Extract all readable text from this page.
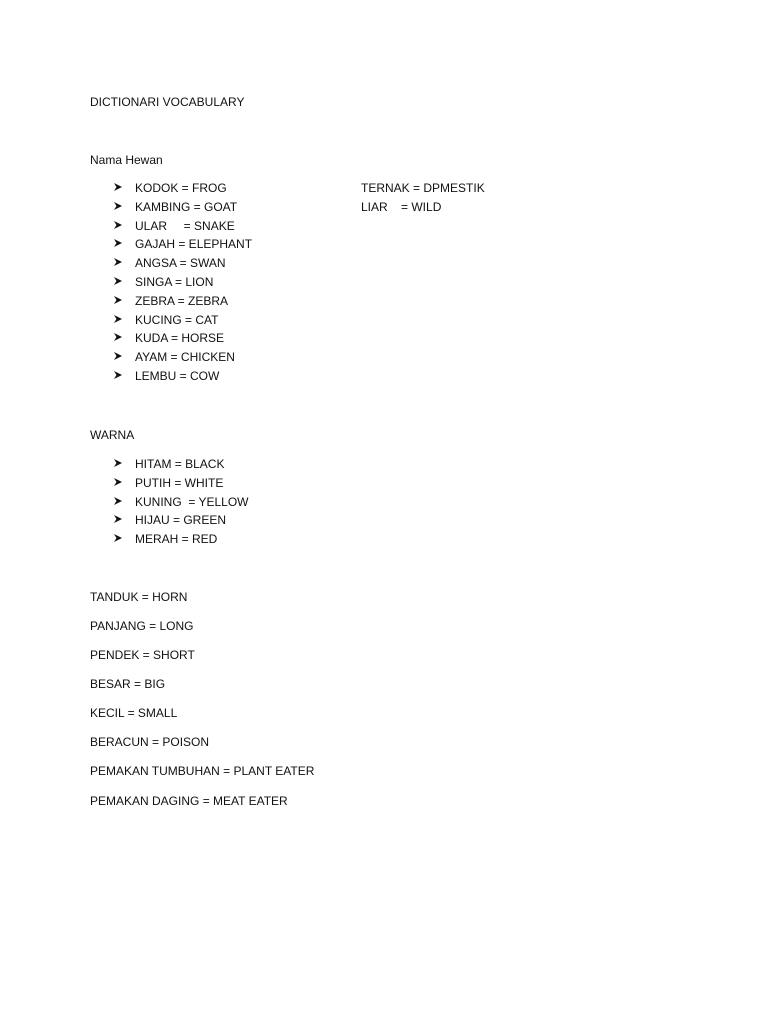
DICTIONARI VOCABULARY
Nama Hewan
KODOK = FROG
KAMBING = GOAT
ULAR     = SNAKE
GAJAH = ELEPHANT
ANGSA = SWAN
SINGA = LION
ZEBRA = ZEBRA
KUCING = CAT
KUDA = HORSE
AYAM = CHICKEN
LEMBU = COW
TERNAK = DPMESTIK
LIAR    = WILD
WARNA
HITAM = BLACK
PUTIH = WHITE
KUNING  = YELLOW
HIJAU = GREEN
MERAH = RED
TANDUK = HORN
PANJANG = LONG
PENDEK = SHORT
BESAR = BIG
KECIL = SMALL
BERACUN = POISON
PEMAKAN TUMBUHAN = PLANT EATER
PEMAKAN DAGING = MEAT EATER
